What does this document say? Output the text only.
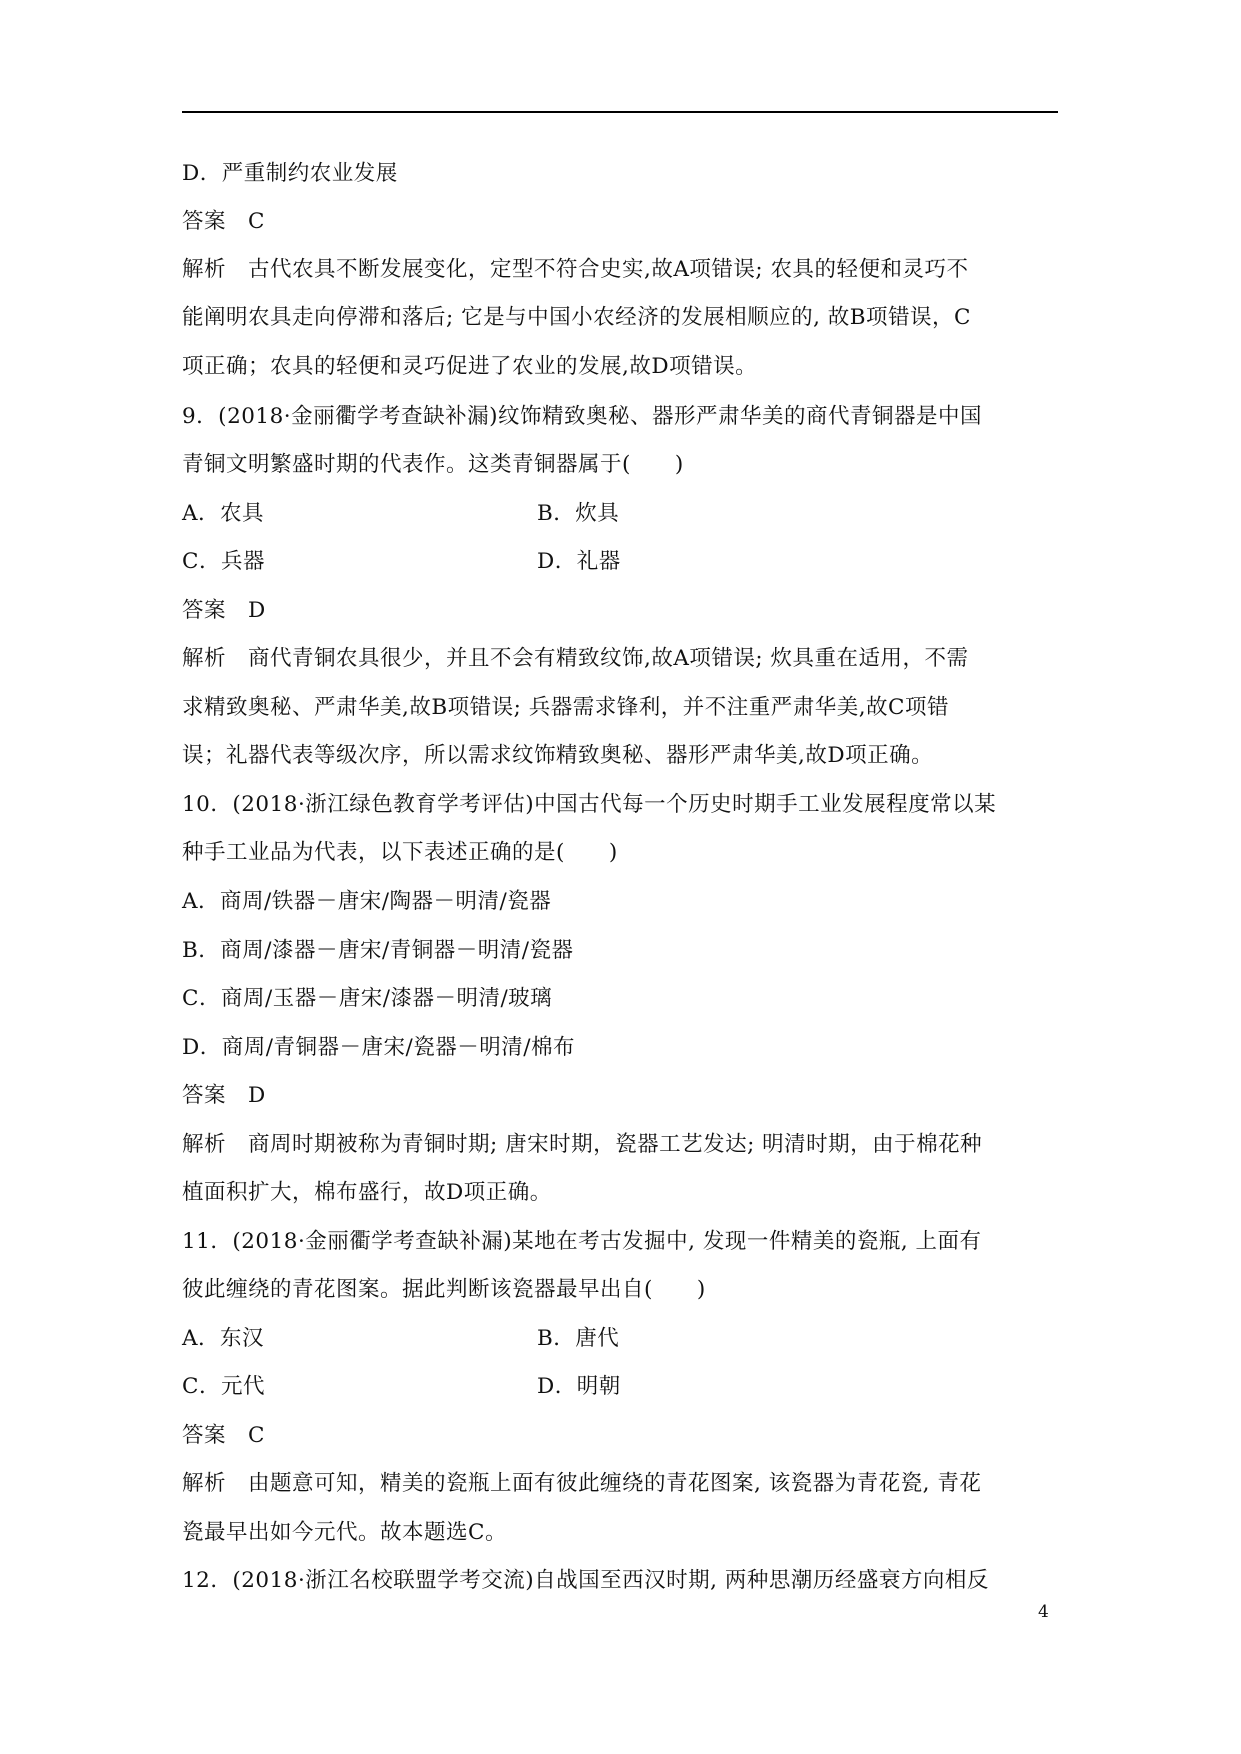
D．严重制约农业发展
答案　C
解析　古代农具不断发展变化，定型不符合史实,故A项错误; 农具的轻便和灵巧不
能阐明农具走向停滞和落后; 它是与中国小农经济的发展相顺应的, 故B项错误，C
项正确；农具的轻便和灵巧促进了农业的发展,故D项错误。
9．(2018·金丽衢学考查缺补漏)纹饰精致奥秘、器形严肃华美的商代青铜器是中国
青铜文明繁盛时期的代表作。这类青铜器属于(　　)
A．农具	B．炊具
C．兵器	D．礼器
答案　D
解析　商代青铜农具很少，并且不会有精致纹饰,故A项错误; 炊具重在适用，不需
求精致奥秘、严肃华美,故B项错误; 兵器需求锋利，并不注重严肃华美,故C项错
误；礼器代表等级次序，所以需求纹饰精致奥秘、器形严肃华美,故D项正确。
10．(2018·浙江绿色教育学考评估)中国古代每一个历史时期手工业发展程度常以某
种手工业品为代表，以下表述正确的是(　　)
A．商周/铁器－唐宋/陶器－明清/瓷器
B．商周/漆器－唐宋/青铜器－明清/瓷器
C．商周/玉器－唐宋/漆器－明清/玻璃
D．商周/青铜器－唐宋/瓷器－明清/棉布
答案　D
解析　商周时期被称为青铜时期; 唐宋时期，瓷器工艺发达; 明清时期，由于棉花种
植面积扩大，棉布盛行，故D项正确。
11．(2018·金丽衢学考查缺补漏)某地在考古发掘中, 发现一件精美的瓷瓶, 上面有
彼此缠绕的青花图案。据此判断该瓷器最早出自(　　)
A．东汉	B．唐代
C．元代	D．明朝
答案　C
解析　由题意可知，精美的瓷瓶上面有彼此缠绕的青花图案, 该瓷器为青花瓷, 青花
瓷最早出如今元代。故本题选C。
12．(2018·浙江名校联盟学考交流)自战国至西汉时期, 两种思潮历经盛衰方向相反
4
